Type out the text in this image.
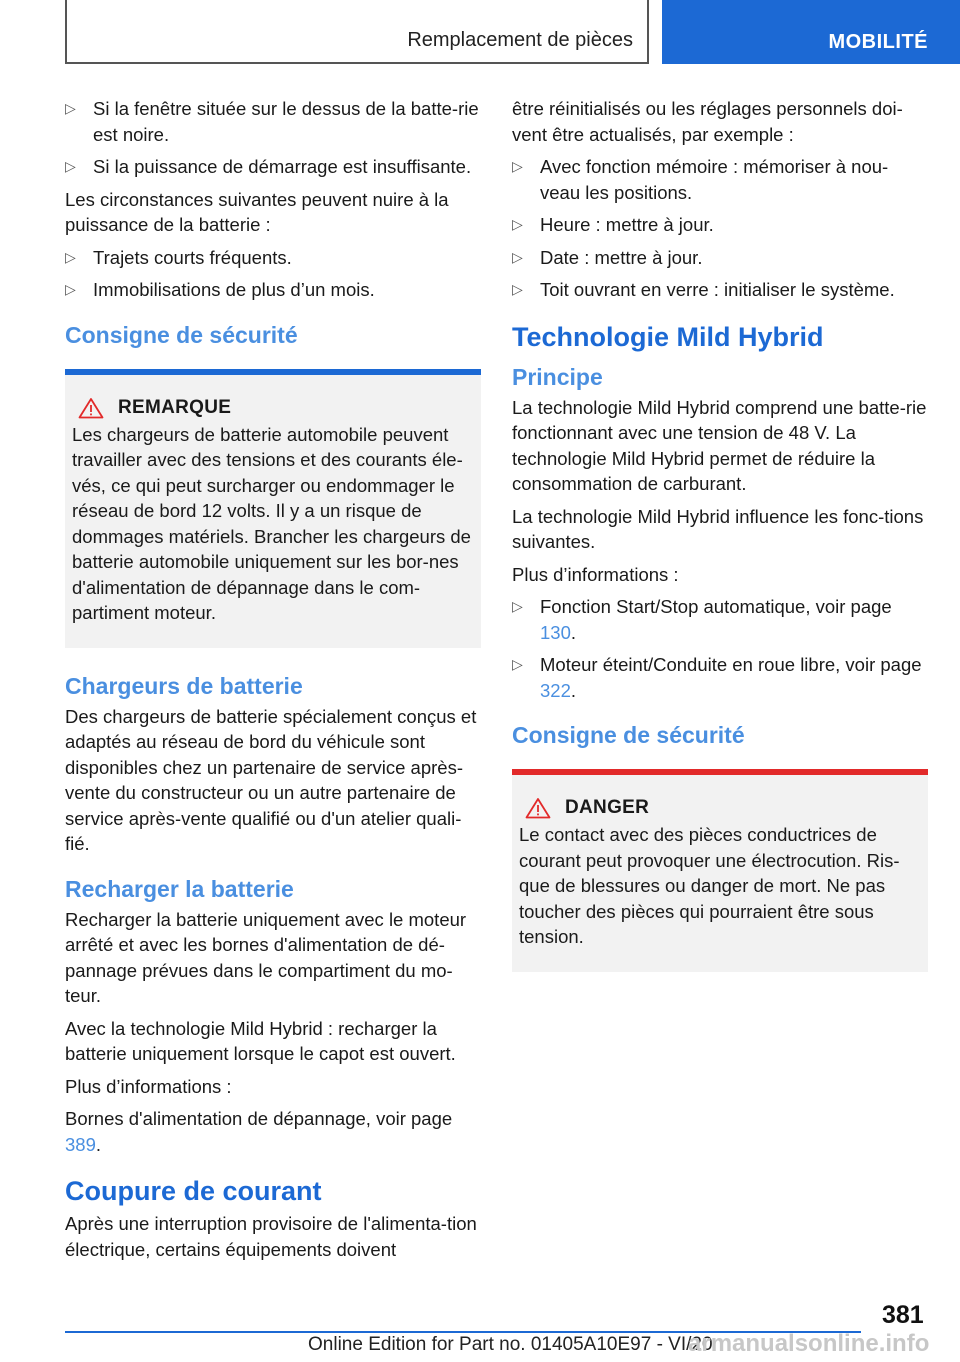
Remplacement de pièces	MOBILITÉ
▷ Si la fenêtre située sur le dessus de la batte‐rie est noire.
▷ Si la puissance de démarrage est insuffisante.

Les circonstances suivantes peuvent nuire à la puissance de la batterie :

▷ Trajets courts fréquents.
▷ Immobilisations de plus d’un mois.
Consigne de sécurité
REMARQUE

Les chargeurs de batterie automobile peuvent travailler avec des tensions et des courants éle‐vés, ce qui peut surcharger ou endommager le réseau de bord 12 volts. Il y a un risque de dommages matériels. Brancher les chargeurs de batterie automobile uniquement sur les bor‐nes d'alimentation de dépannage dans le com‐partiment moteur.

Chargeurs de batterie

Des chargeurs de batterie spécialement conçus et adaptés au réseau de bord du véhicule sont disponibles chez un partenaire de service après-vente du constructeur ou un autre partenaire de service après-vente qualifié ou d'un atelier quali‐fié.

Recharger la batterie

Recharger la batterie uniquement avec le moteur arrêté et avec les bornes d'alimentation de dé‐pannage prévues dans le compartiment du mo‐teur.

Avec la technologie Mild Hybrid : recharger la batterie uniquement lorsque le capot est ouvert.

Plus d’informations :

Bornes d'alimentation de dépannage, voir page 389.

Coupure de courant

Après une interruption provisoire de l'alimenta‐tion électrique, certains équipements doivent

être réinitialisés ou les réglages personnels doi‐vent être actualisés, par exemple :

▷ Avec fonction mémoire : mémoriser à nou‐veau les positions.
▷ Heure : mettre à jour.
▷ Date : mettre à jour.
▷ Toit ouvrant en verre : initialiser le système.
Technologie Mild Hybrid
Principe

La technologie Mild Hybrid comprend une batte‐rie fonctionnant avec une tension de 48 V. La technologie Mild Hybrid permet de réduire la consommation de carburant.

La technologie Mild Hybrid influence les fonc‐tions suivantes.

Plus d’informations :

▷ Fonction Start/Stop automatique, voir page 130.
▷ Moteur éteint/Conduite en roue libre, voir page 322.
Consigne de sécurité
DANGER

Le contact avec des pièces conductrices de courant peut provoquer une électrocution. Ris‐que de blessures ou danger de mort. Ne pas toucher des pièces qui pourraient être sous tension.

381
Online Edition for Part no. 01405A10E97 - VI/20
armanualsonline.info
